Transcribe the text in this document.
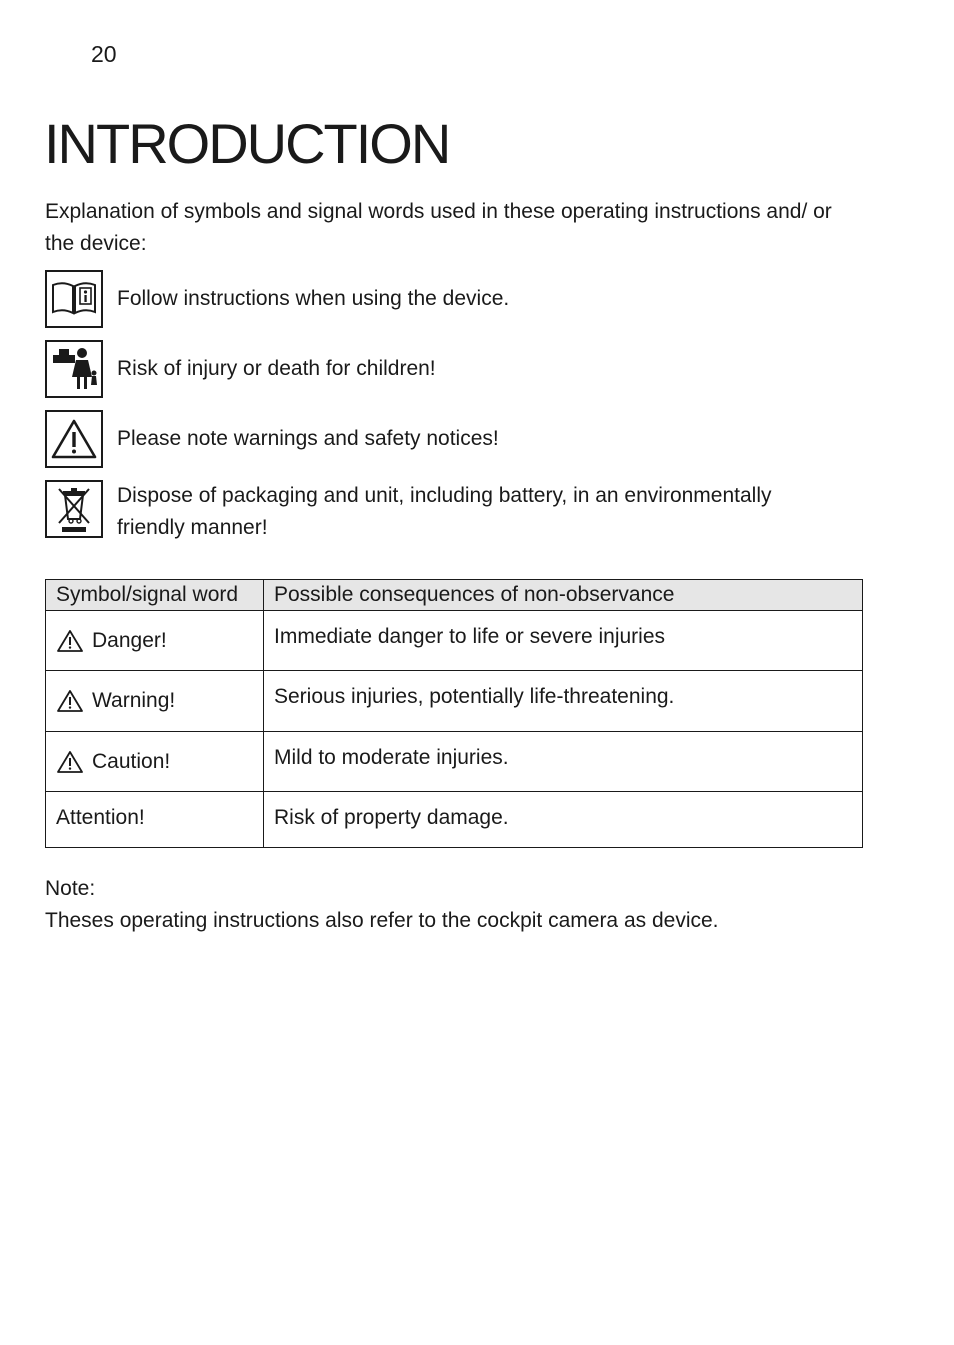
20
INTRODUCTION

Explanation of symbols and signal words used in these operating instructions and/ or the device:

Follow instructions when using the device.
Risk of injury or death for children!
Please note warnings and safety notices!
Dispose of packaging and unit, including battery, in an environmentally friendly manner!
Symbol/signal word	Possible consequences of non-observance

Danger!	Immediate danger to life or severe injuries

Warning!	Serious injuries, potentially life-threatening.

Caution!	Mild to moderate injuries.

Attention!	Risk of property damage.
Note:
Theses operating instructions also refer to the cockpit camera as device.
